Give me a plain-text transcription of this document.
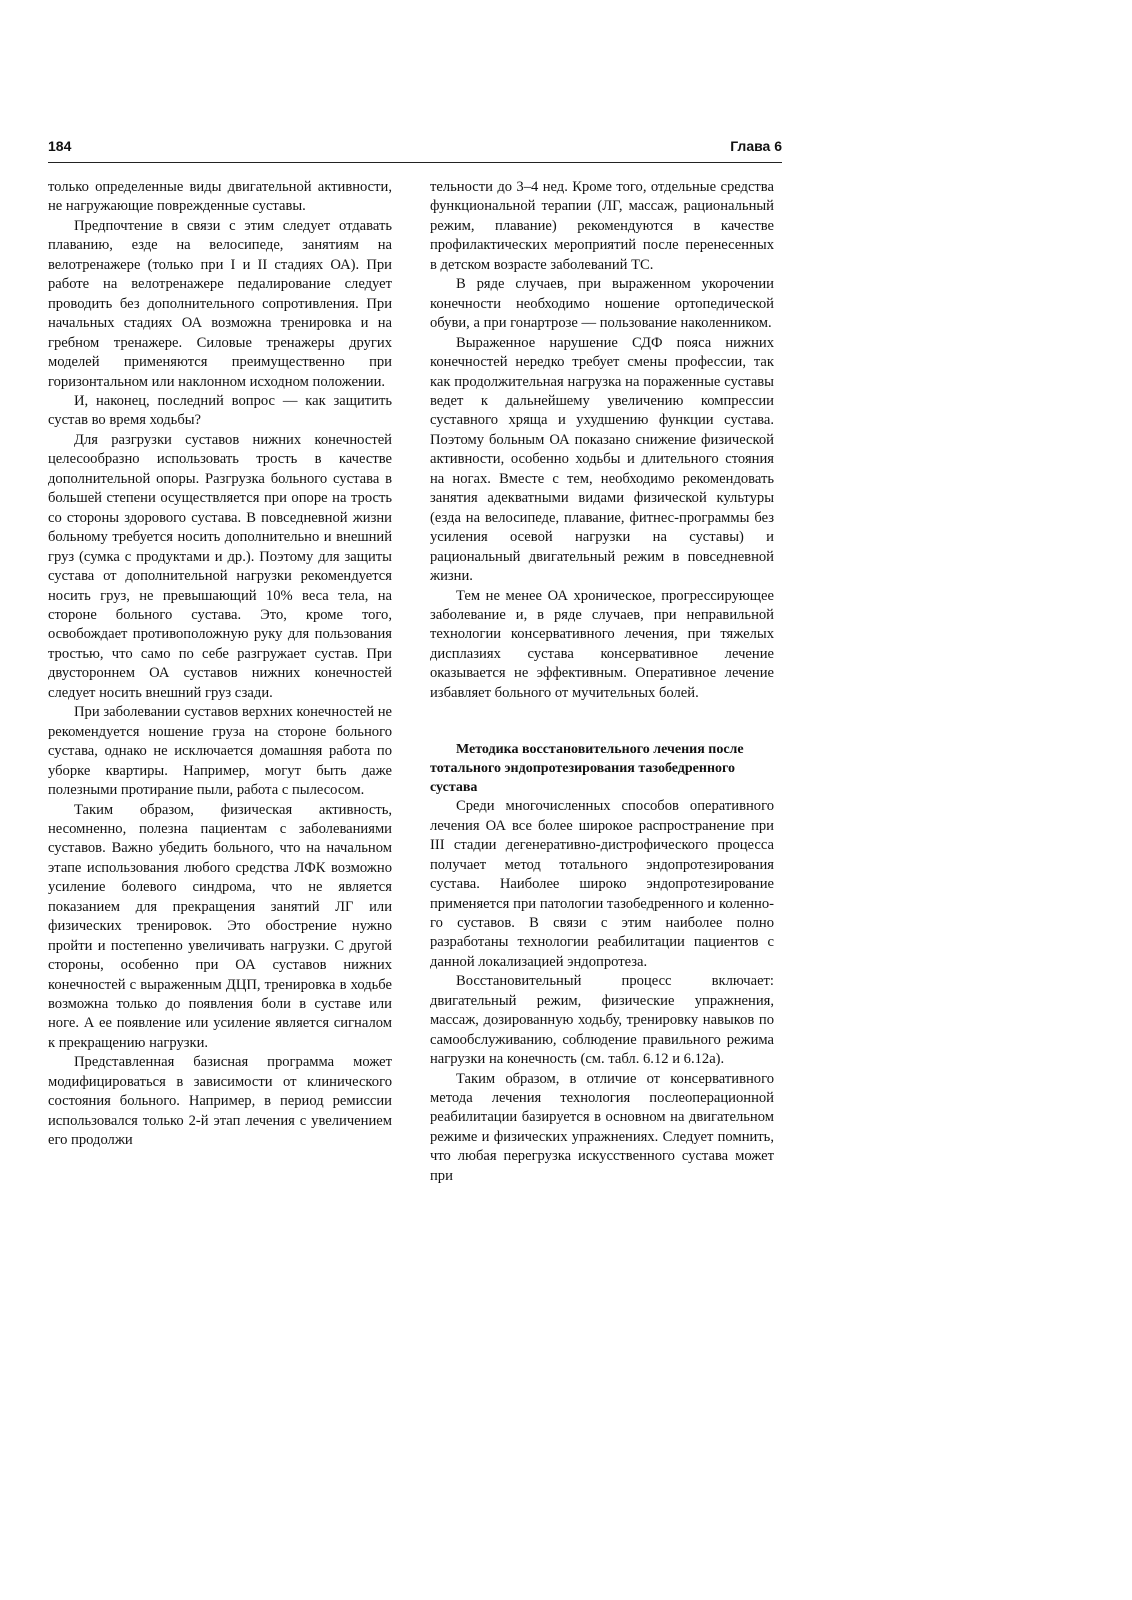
184	Глава 6

только определенные виды двигательной активности, не нагружающие поврежденные суставы.

Предпочтение в связи с этим следует отдавать плаванию, езде на велосипеде, занятиям на велотренажере (только при I и II стадиях ОА). При работе на велотренажере педалирование следует проводить без дополнительного сопротивления. При начальных стадиях ОА возможна тренировка и на гребном тренажере. Силовые тренажеры других моделей применяются преимущественно при горизонтальном или наклонном исходном положении.

И, наконец, последний вопрос — как защитить сустав во время ходьбы?

Для разгрузки суставов нижних конечностей целесообразно использовать трость в качестве дополнительной опоры. Разгрузка больного сустава в большей степени осуществляется при опоре на трость со стороны здорового сустава. В повседневной жизни больному требуется носить дополнительно и внешний груз (сумка с продуктами и др.). Поэтому для защиты сустава от дополнительной нагрузки рекомендуется носить груз, не превышающий 10% веса тела, на стороне больного сустава. Это, кроме того, освобождает противоположную руку для пользования тростью, что само по себе разгружает сустав. При двустороннем ОА суставов нижних конечностей следует носить внешний груз сзади.

При заболевании суставов верхних конечностей не рекомендуется ношение груза на стороне больного сустава, однако не исключается домашняя работа по уборке квартиры. Например, могут быть даже полезными протирание пыли, работа с пылесосом.

Таким образом, физическая активность, несомненно, полезна пациентам с заболеваниями суставов. Важно убедить больного, что на начальном этапе использования любого средства ЛФК возможно усиление болевого синдрома, что не является показанием для прекращения занятий ЛГ или физических тренировок. Это обострение нужно пройти и постепенно увеличивать нагрузки. С другой стороны, особенно при ОА суставов нижних конечностей с выраженным ДЦП, тренировка в ходьбе возможна только до появления боли в суставе или ноге. А ее появление или усиление является сигналом к прекращению нагрузки.

Представленная базисная программа может модифицироваться в зависимости от клинического состояния больного. Например, в период ремиссии использовался только 2-й этап лечения с увеличением его продолжи

тельности до 3–4 нед. Кроме того, отдельные средства функциональной терапии (ЛГ, массаж, рациональный режим, плавание) рекомендуются в качестве профилактических мероприятий после перенесенных в детском возрасте заболеваний ТС.

В ряде случаев, при выраженном укорочении конечности необходимо ношение ортопедической обуви, а при гонартрозе — пользование наколенником.

Выраженное нарушение СДФ пояса нижних конечностей нередко требует смены профессии, так как продолжительная нагрузка на пораженные суставы ведет к дальнейшему увеличению компрессии суставного хряща и ухудшению функции сустава. Поэтому больным ОА показано снижение физической активности, особенно ходьбы и длительного стояния на ногах. Вместе с тем, необходимо рекомендовать занятия адекватными видами физической культуры (езда на велосипеде, плавание, фитнес-программы без усиления осевой нагрузки на суставы) и рациональный двигательный режим в повседневной жизни.

Тем не менее ОА хроническое, прогрессирующее заболевание и, в ряде случаев, при неправильной технологии консервативного лечения, при тяжелых дисплазиях сустава консервативное лечение оказывается не эффективным. Оперативное лечение избавляет больного от мучительных болей.

Методика восстановительного лечения после тотального эндопротезирования тазобедренного сустава

Среди многочисленных способов оперативного лечения ОА все более широкое распространение при III стадии дегенеративно-дистрофического процесса получает метод тотального эндопротезирования сустава. Наиболее широко эндопротезирование применяется при патологии тазобедренного и коленного суставов. В связи с этим наиболее полно разработаны технологии реабилитации пациентов с данной локализацией эндопротеза.

Восстановительный процесс включает: двигательный режим, физические упражнения, массаж, дозированную ходьбу, тренировку навыков по самообслуживанию, соблюдение правильного режима нагрузки на конечность (см. табл. 6.12 и 6.12а).

Таким образом, в отличие от консервативного метода лечения технология послеоперационной реабилитации базируется в основном на двигательном режиме и физических упражнениях. Следует помнить, что любая перегрузка искусственного сустава может при
